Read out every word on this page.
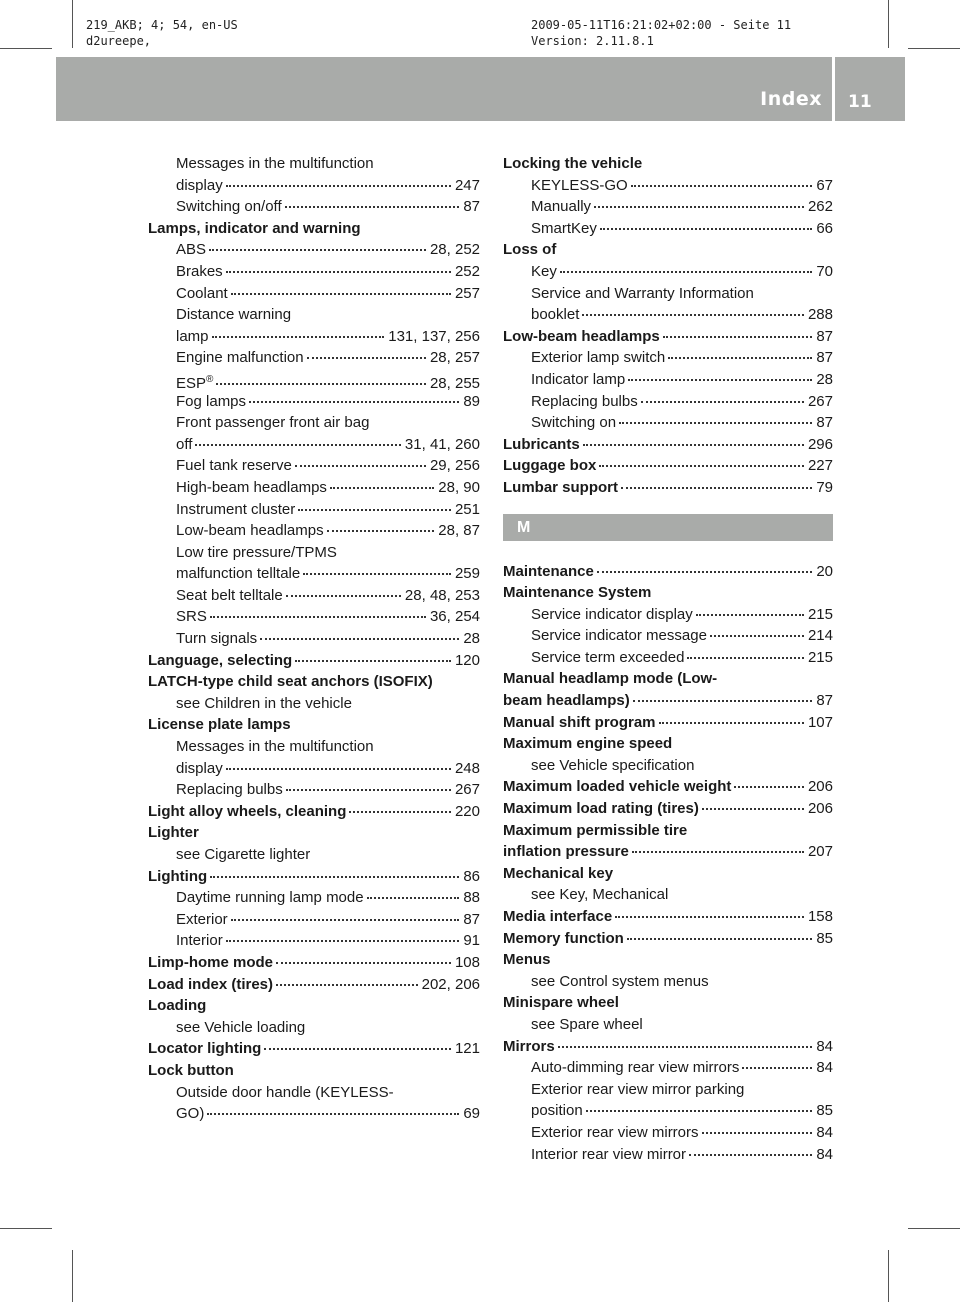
219_AKB; 4; 54, en-US
d2ureepe,
2009-05-11T16:21:02+02:00 - Seite 11
Version: 2.11.8.1
Index 11
Messages in the multifunction
display	247
Switching on/off	87
Lamps, indicator and warning
ABS	28, 252
Brakes	252
Coolant	257
Distance warning
lamp	131, 137, 256
Engine malfunction	28, 257
ESP®	28, 255
Fog lamps	89
Front passenger front air bag
off	31, 41, 260
Fuel tank reserve	29, 256
High-beam headlamps	28, 90
Instrument cluster	251
Low-beam headlamps	28, 87
Low tire pressure/TPMS
malfunction telltale	259
Seat belt telltale	28, 48, 253
SRS	36, 254
Turn signals	28
Language, selecting	120
LATCH-type child seat anchors (ISOFIX)
see Children in the vehicle
License plate lamps
Messages in the multifunction
display	248
Replacing bulbs	267
Light alloy wheels, cleaning	220
Lighter
see Cigarette lighter
Lighting	86
Daytime running lamp mode	88
Exterior	87
Interior	91
Limp-home mode	108
Load index (tires)	202, 206
Loading
see Vehicle loading
Locator lighting	121
Lock button
Outside door handle (KEYLESS-
GO)	69
Locking the vehicle
KEYLESS-GO	67
Manually	262
SmartKey	66
Loss of
Key	70
Service and Warranty Information
booklet	288
Low-beam headlamps	87
Exterior lamp switch	87
Indicator lamp	28
Replacing bulbs	267
Switching on	87
Lubricants	296
Luggage box	227
Lumbar support	79
M
Maintenance	20
Maintenance System
Service indicator display	215
Service indicator message	214
Service term exceeded	215
Manual headlamp mode (Low-
beam headlamps)	87
Manual shift program	107
Maximum engine speed
see Vehicle specification
Maximum loaded vehicle weight	206
Maximum load rating (tires)	206
Maximum permissible tire
inflation pressure	207
Mechanical key
see Key, Mechanical
Media interface	158
Memory function	85
Menus
see Control system menus
Minispare wheel
see Spare wheel
Mirrors	84
Auto-dimming rear view mirrors	84
Exterior rear view mirror parking
position	85
Exterior rear view mirrors	84
Interior rear view mirror	84
